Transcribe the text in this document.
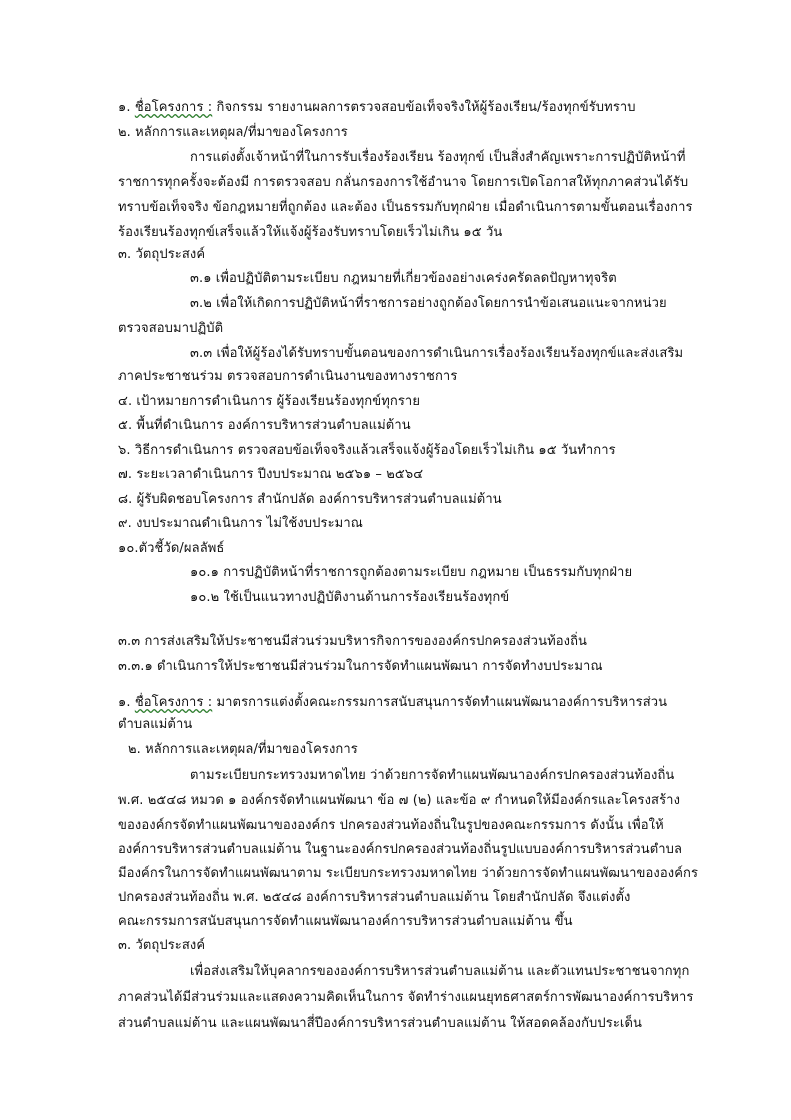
๑. ชื่อโครงการ : กิจกรรม รายงานผลการตรวจสอบข้อเท็จจริงให้ผู้ร้องเรียน/ร้องทุกข์รับทราบ
๒. หลักการและเหตุผล/ที่มาของโครงการ
การแต่งตั้งเจ้าหน้าที่ในการรับเรื่องร้องเรียน ร้องทุกข์ เป็นสิ่งสำคัญเพราะการปฏิบัติหน้าที่
ราชการทุกครั้งจะต้องมี การตรวจสอบ กลั่นกรองการใช้อำนาจ โดยการเปิดโอกาสให้ทุกภาคส่วนได้รับ
ทราบข้อเท็จจริง ข้อกฎหมายที่ถูกต้อง และต้อง เป็นธรรมกับทุกฝ่าย เมื่อดำเนินการตามขั้นตอนเรื่องการ
ร้องเรียนร้องทุกข์เสร็จแล้วให้แจ้งผู้ร้องรับทราบโดยเร็วไม่เกิน ๑๕ วัน
๓. วัตถุประสงค์
๓.๑ เพื่อปฏิบัติตามระเบียบ กฎหมายที่เกี่ยวข้องอย่างเคร่งครัดลดปัญหาทุจริต
๓.๒ เพื่อให้เกิดการปฏิบัติหน้าที่ราชการอย่างถูกต้องโดยการนำข้อเสนอแนะจากหน่วย
ตรวจสอบมาปฏิบัติ
๓.๓ เพื่อให้ผู้ร้องได้รับทราบขั้นตอนของการดำเนินการเรื่องร้องเรียนร้องทุกข์และส่งเสริม
ภาคประชาชนร่วม ตรวจสอบการดำเนินงานของทางราชการ
๔. เป้าหมายการดำเนินการ ผู้ร้องเรียนร้องทุกข์ทุกราย
๕. พื้นที่ดำเนินการ องค์การบริหารส่วนตำบลแม่ต้าน
๖. วิธีการดำเนินการ ตรวจสอบข้อเท็จจริงแล้วเสร็จแจ้งผู้ร้องโดยเร็วไม่เกิน ๑๕ วันทำการ
๗. ระยะเวลาดำเนินการ ปีงบประมาณ ๒๕๖๑ – ๒๕๖๔
๘. ผู้รับผิดชอบโครงการ สำนักปลัด องค์การบริหารส่วนตำบลแม่ต้าน
๙. งบประมาณดำเนินการ ไม่ใช้งบประมาณ
๑๐.ตัวชี้วัด/ผลลัพธ์
๑๐.๑ การปฏิบัติหน้าที่ราชการถูกต้องตามระเบียบ กฎหมาย เป็นธรรมกับทุกฝ่าย
๑๐.๒ ใช้เป็นแนวทางปฏิบัติงานด้านการร้องเรียนร้องทุกข์
๓.๓ การส่งเสริมให้ประชาชนมีส่วนร่วมบริหารกิจการขององค์กรปกครองส่วนท้องถิ่น
๓.๓.๑ ดำเนินการให้ประชาชนมีส่วนร่วมในการจัดทำแผนพัฒนา การจัดทำงบประมาณ
๑. ชื่อโครงการ : มาตรการแต่งตั้งคณะกรรมการสนับสนุนการจัดทำแผนพัฒนาองค์การบริหารส่วน
ตำบลแม่ต้าน
๒. หลักการและเหตุผล/ที่มาของโครงการ
ตามระเบียบกระทรวงมหาดไทย ว่าด้วยการจัดทำแผนพัฒนาองค์กรปกครองส่วนท้องถิ่น
พ.ศ. ๒๕๔๘ หมวด ๑ องค์กรจัดทำแผนพัฒนา ข้อ ๗ (๒) และข้อ ๙ กำหนดให้มีองค์กรและโครงสร้าง
ขององค์กรจัดทำแผนพัฒนาขององค์กร ปกครองส่วนท้องถิ่นในรูปของคณะกรรมการ ดังนั้น เพื่อให้
องค์การบริหารส่วนตำบลแม่ต้าน ในฐานะองค์กรปกครองส่วนท้องถิ่นรูปแบบองค์การบริหารส่วนตำบล
มีองค์กรในการจัดทำแผนพัฒนาตาม ระเบียบกระทรวงมหาดไทย ว่าด้วยการจัดทำแผนพัฒนาขององค์กร
ปกครองส่วนท้องถิ่น พ.ศ. ๒๕๔๘ องค์การบริหารส่วนตำบลแม่ต้าน โดยสำนักปลัด จึงแต่งตั้ง
คณะกรรมการสนับสนุนการจัดทำแผนพัฒนาองค์การบริหารส่วนตำบลแม่ต้าน ขึ้น
๓. วัตถุประสงค์
เพื่อส่งเสริมให้บุคลากรขององค์การบริหารส่วนตำบลแม่ต้าน และตัวแทนประชาชนจากทุก
ภาคส่วนได้มีส่วนร่วมและแสดงความคิดเห็นในการ จัดทำร่างแผนยุทธศาสตร์การพัฒนาองค์การบริหาร
ส่วนตำบลแม่ต้าน และแผนพัฒนาสี่ปีองค์การบริหารส่วนตำบลแม่ต้าน ให้สอดคล้องกับประเด็น
